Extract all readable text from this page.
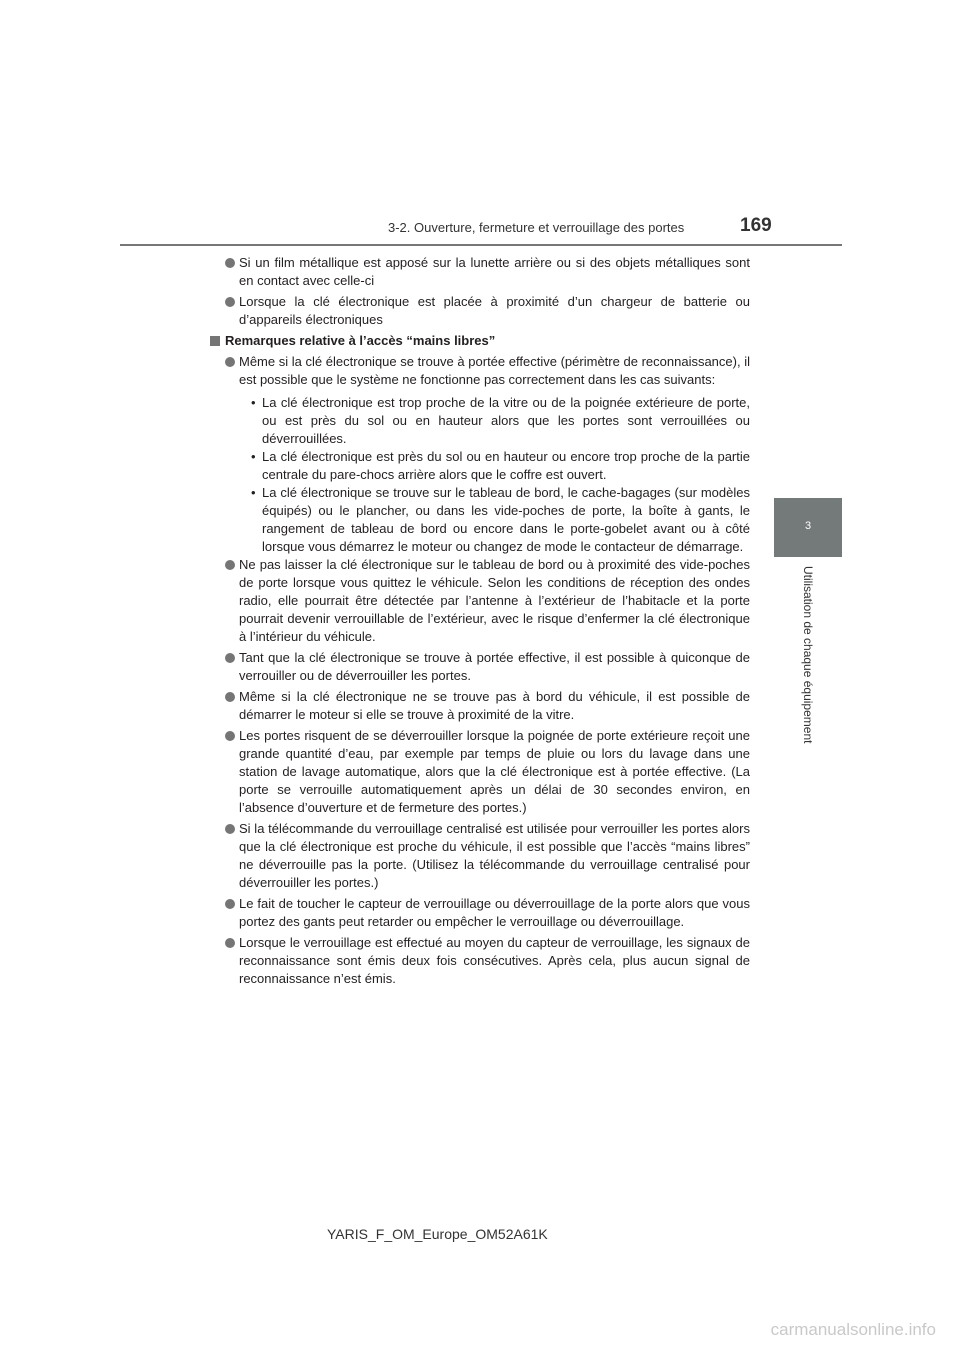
3-2. Ouverture, fermeture et verrouillage des portes	169
3
Utilisation de chaque équipement
Si un film métallique est apposé sur la lunette arrière ou si des objets métalliques sont en contact avec celle-ci
Lorsque la clé électronique est placée à proximité d’un chargeur de batterie ou d’appareils électroniques
Remarques relative à l’accès “mains libres”
Même si la clé électronique se trouve à portée effective (périmètre de reconnaissance), il est possible que le système ne fonctionne pas correctement dans les cas suivants:
• La clé électronique est trop proche de la vitre ou de la poignée extérieure de porte, ou est près du sol ou en hauteur alors que les portes sont verrouillées ou déverrouillées.
• La clé électronique est près du sol ou en hauteur ou encore trop proche de la partie centrale du pare-chocs arrière alors que le coffre est ouvert.
• La clé électronique se trouve sur le tableau de bord, le cache-bagages (sur modèles équipés) ou le plancher, ou dans les vide-poches de porte, la boîte à gants, le rangement de tableau de bord ou encore dans le porte-gobelet avant ou à côté lorsque vous démarrez le moteur ou changez de mode le contacteur de démarrage.
Ne pas laisser la clé électronique sur le tableau de bord ou à proximité des vide-poches de porte lorsque vous quittez le véhicule. Selon les conditions de réception des ondes radio, elle pourrait être détectée par l’antenne à l’extérieur de l’habitacle et la porte pourrait devenir verrouillable de l’extérieur, avec le risque d’enfermer la clé électronique à l’intérieur du véhicule.
Tant que la clé électronique se trouve à portée effective, il est possible à quiconque de verrouiller ou de déverrouiller les portes.
Même si la clé électronique ne se trouve pas à bord du véhicule, il est possible de démarrer le moteur si elle se trouve à proximité de la vitre.
Les portes risquent de se déverrouiller lorsque la poignée de porte extérieure reçoit une grande quantité d’eau, par exemple par temps de pluie ou lors du lavage dans une station de lavage automatique, alors que la clé électronique est à portée effective. (La porte se verrouille automatiquement après un délai de 30 secondes environ, en l’absence d’ouverture et de fermeture des portes.)
Si la télécommande du verrouillage centralisé est utilisée pour verrouiller les portes alors que la clé électronique est proche du véhicule, il est possible que l’accès “mains libres” ne déverrouille pas la porte. (Utilisez la télécommande du verrouillage centralisé pour déverrouiller les portes.)
Le fait de toucher le capteur de verrouillage ou déverrouillage de la porte alors que vous portez des gants peut retarder ou empêcher le verrouillage ou déverrouillage.
Lorsque le verrouillage est effectué au moyen du capteur de verrouillage, les signaux de reconnaissance sont émis deux fois consécutives. Après cela, plus aucun signal de reconnaissance n’est émis.
YARIS_F_OM_Europe_OM52A61K
carmanualsonline.info
